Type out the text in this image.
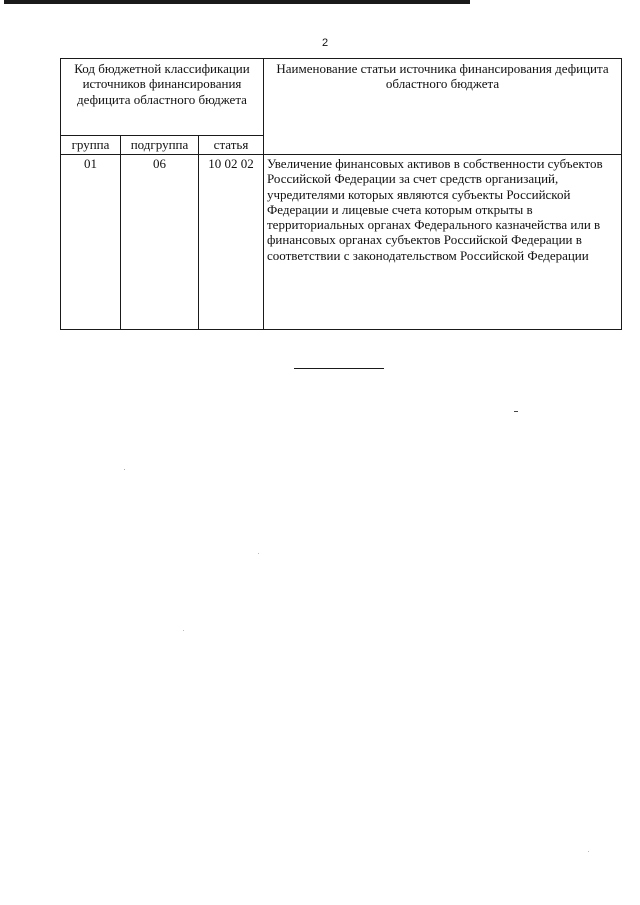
2
Код бюджетной классификации источников финансирования дефицита областного бюджета			Наименование статьи источника финансирования дефицита областного бюджета
группа	подгруппа	статья	
01	06	10 02 02	Увеличение финансовых активов в собственности субъектов Российской Федерации за счет средств организаций, учредителями которых являются субъекты Российской Федерации и лицевые счета которым открыты в территориальных органах Федерального казначейства или в финансовых органах субъектов Российской Федерации в соответствии с законодательством Российской Федерации
